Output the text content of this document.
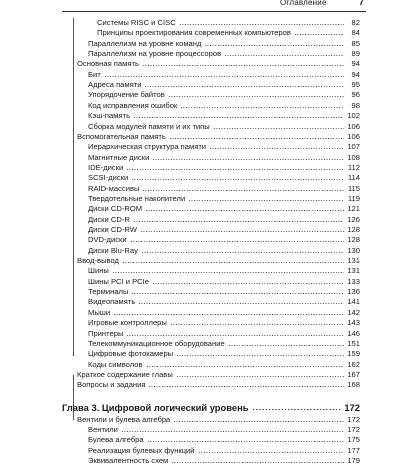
Оглавление	7
Системы RISC и CISC	82
Принципы проектирования современных компьютеров	84
Параллелизм на уровне команд	85
Параллелизм на уровне процессоров	89
Основная память	94
Бит	94
Адреса памяти	95
Упорядочение байтов	96
Код исправления ошибок	98
Кэш-память	102
Сборка модулей памяти и их типы	106
Вспомогательная память	106
Иерархическая структура памяти	107
Магнитные диски	108
IDE-диски	112
SCSI-диски	114
RAID-массивы	115
Твердотельные накопители	119
Диски CD-ROM	121
Диски CD-R	126
Диски CD-RW	128
DVD-диски	128
Диски Blu-Ray	130
Ввод-вывод	131
Шины	131
Шины PCI и PCIe	133
Терминалы	136
Видеопамять	141
Мыши	142
Игровые контроллеры	143
Принтеры	146
Телекоммуникационное оборудование	151
Цифровые фотокамеры	159
Коды символов	162
Краткое содержание главы	167
Вопросы и задания	168
Глава 3. Цифровой логический уровень	172
Вентили и булева алгебра	172
Вентили	172
Булева алгебра	175
Реализация булевых функций	177
Эквивалентность схем	179
